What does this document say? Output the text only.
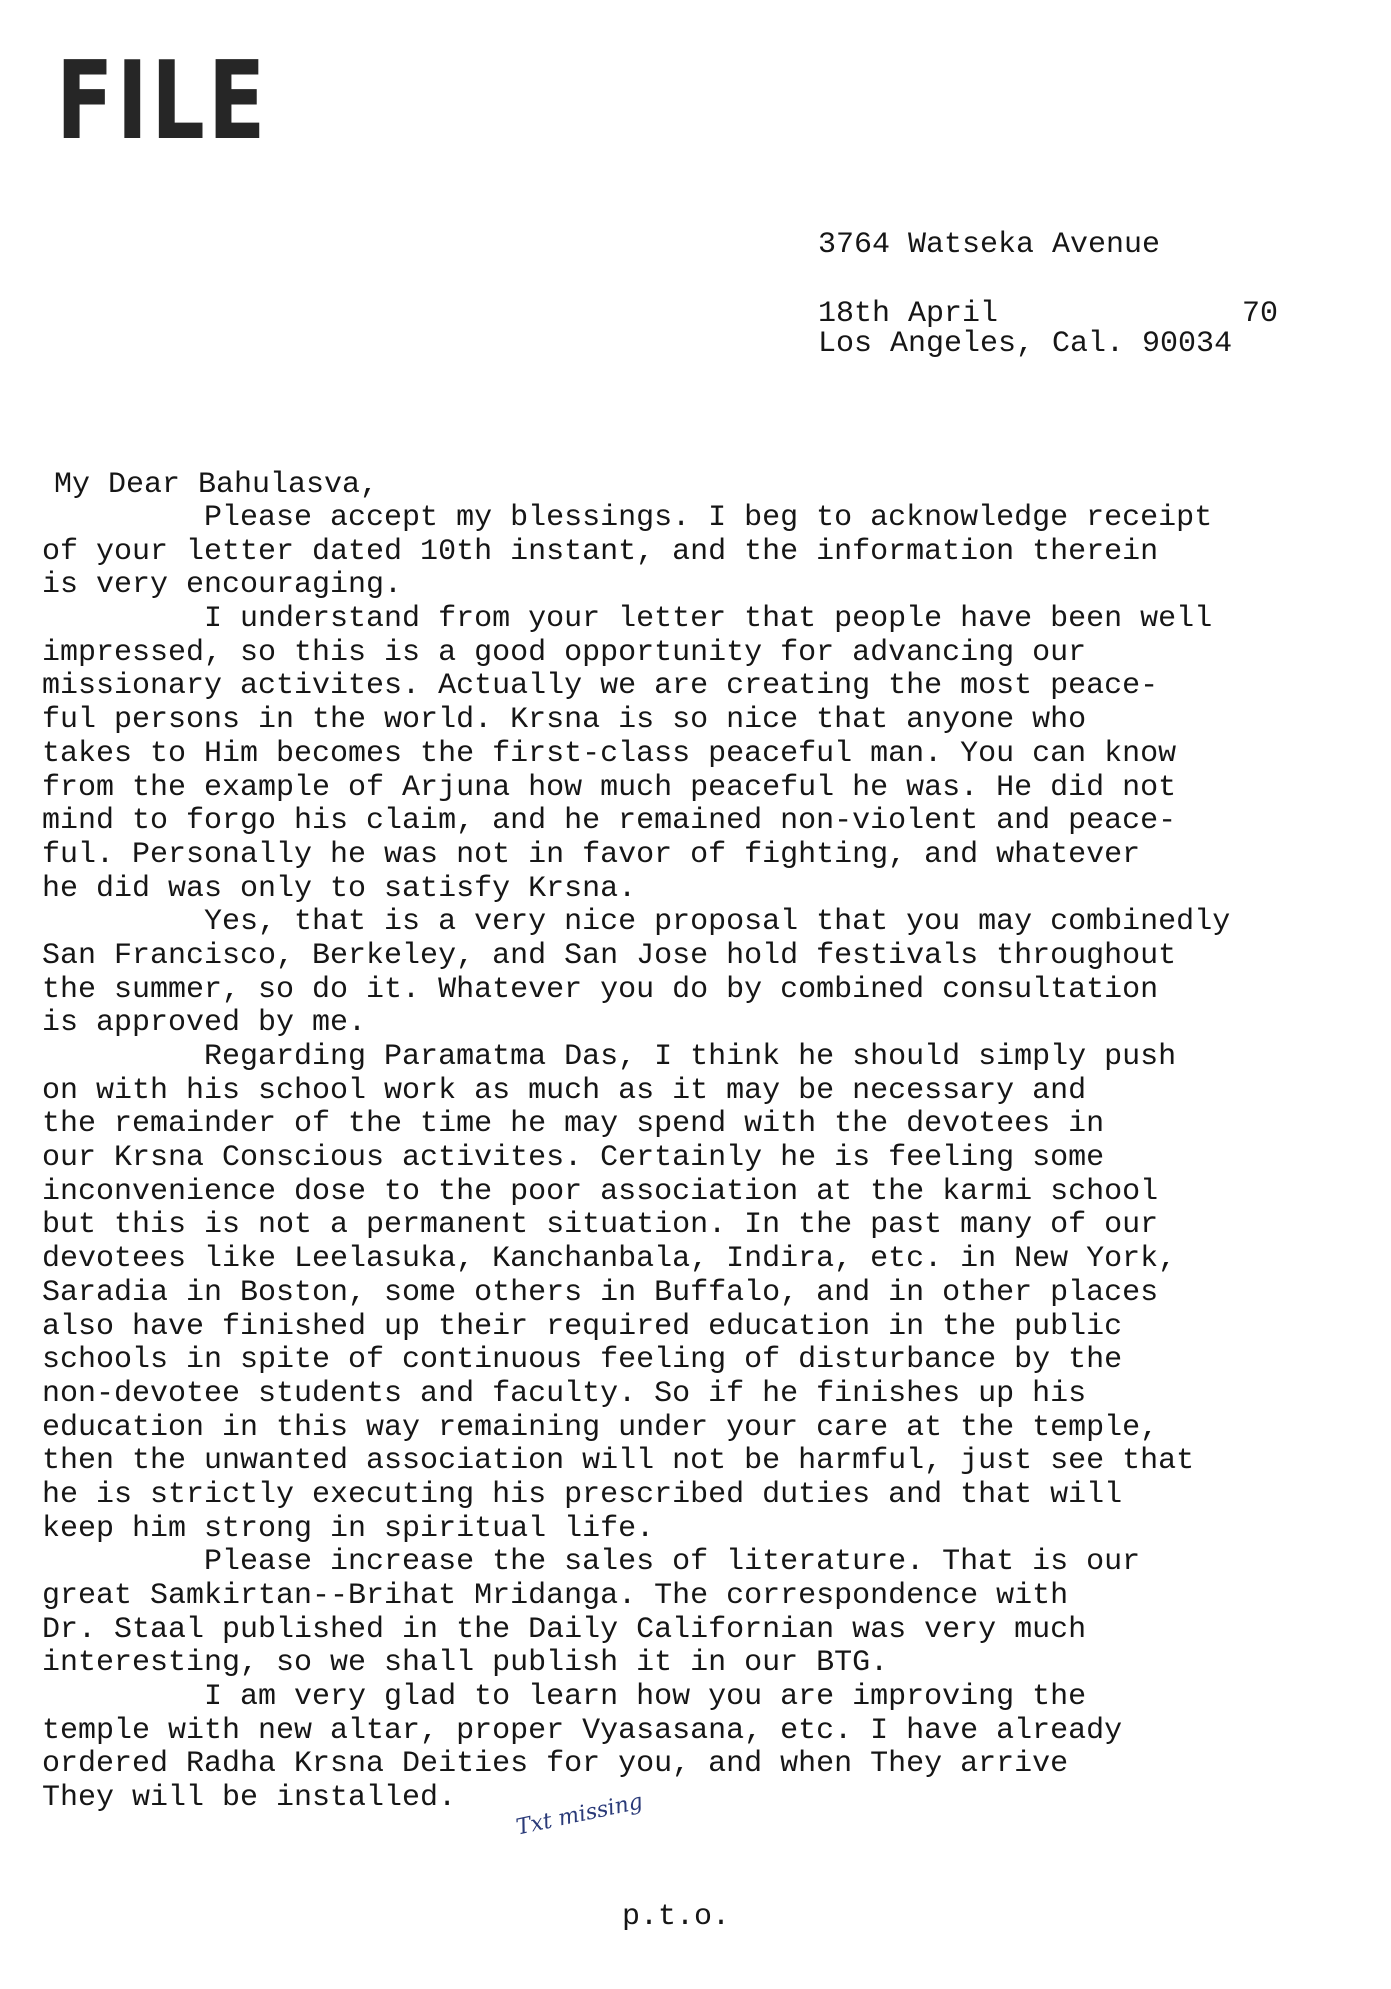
FILE

3764 Watseka Avenue

Los Angeles, Cal. 90034

18th April	70
My Dear Bahulasva,
Please accept my blessings. I beg to acknowledge receipt
of your letter dated 10th instant, and the information therein
is very encouraging.
I understand from your letter that people have been well
impressed, so this is a good opportunity for advancing our
missionary activites. Actually we are creating the most peace-
ful persons in the world. Krsna is so nice that anyone who
takes to Him becomes the first-class peaceful man. You can know
from the example of Arjuna how much peaceful he was. He did not
mind to forgo his claim, and he remained non-violent and peace-
ful. Personally he was not in favor of fighting, and whatever
he did was only to satisfy Krsna.
Yes, that is a very nice proposal that you may combinedly
San Francisco, Berkeley, and San Jose hold festivals throughout
the summer, so do it. Whatever you do by combined consultation
is approved by me.
Regarding Paramatma Das, I think he should simply push
on with his school work as much as it may be necessary and
the remainder of the time he may spend with the devotees in
our Krsna Conscious activites. Certainly he is feeling some
inconvenience dose to the poor association at the karmi school
but this is not a permanent situation. In the past many of our
devotees like Leelasuka, Kanchanbala, Indira, etc. in New York,
Saradia in Boston, some others in Buffalo, and in other places
also have finished up their required education in the public
schools in spite of continuous feeling of disturbance by the
non-devotee students and faculty. So if he finishes up his
education in this way remaining under your care at the temple,
then the unwanted association will not be harmful, just see that
he is strictly executing his prescribed duties and that will
keep him strong in spiritual life.
Please increase the sales of literature. That is our
great Samkirtan--Brihat Mridanga. The correspondence with
Dr. Staal published in the Daily Californian was very much
interesting, so we shall publish it in our BTG.
I am very glad to learn how you are improving the
temple with new altar, proper Vyasasana, etc. I have already
ordered Radha Krsna Deities for you, and when They arrive
They will be installed.	Txt missing
p.t.o.
